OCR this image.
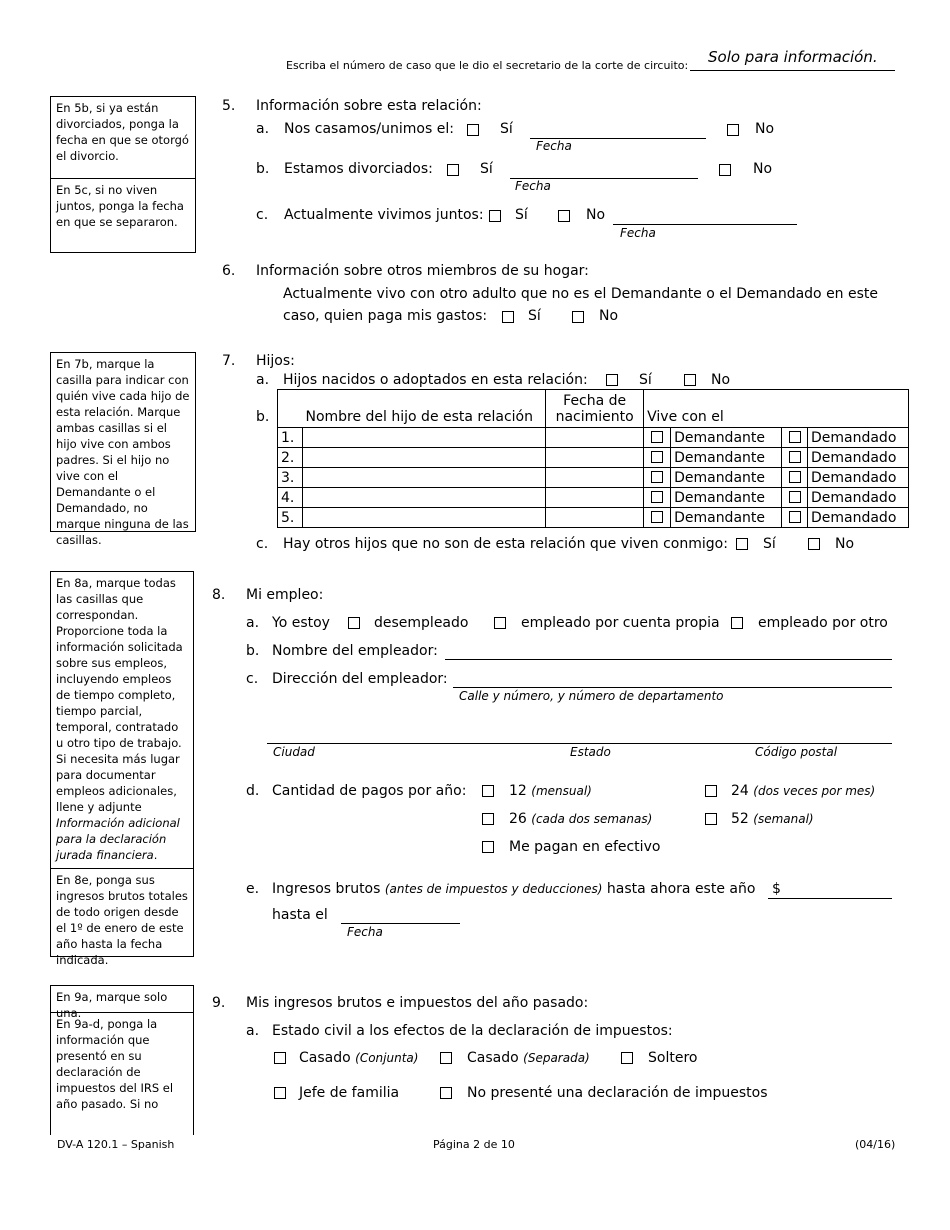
Escriba el número de caso que le dio el secretario de la corte de circuito: Solo para información.
En 5b, si ya están divorciados, ponga la fecha en que se otorgó el divorcio.
En 5c, si no viven juntos, ponga la fecha en que se separaron.
En 7b, marque la casilla para indicar con quién vive cada hijo de esta relación. Marque ambas casillas si el hijo vive con ambos padres. Si el hijo no vive con el Demandante o el Demandado, no marque ninguna de las casillas.
En 8a, marque todas las casillas que correspondan. Proporcione toda la información solicitada sobre sus empleos, incluyendo empleos de tiempo completo, tiempo parcial, temporal, contratado u otro tipo de trabajo. Si necesita más lugar para documentar empleos adicionales, llene y adjunte Información adicional para la declaración jurada financiera.
En 8e, ponga sus ingresos brutos totales de todo origen desde el 1º de enero de este año hasta la fecha indicada.
En 9a, marque solo una.
En 9a-d, ponga la información que presentó en su declaración de impuestos del IRS el año pasado. Si no
5. Información sobre esta relación:
a. Nos casamos/unimos el:	Sí
Fecha
No
b. Estamos divorciados:	Sí
Fecha
No
c. Actualmente vivimos juntos: Sí	No
Fecha
6. Información sobre otros miembros de su hogar:
Actualmente vivo con otro adulto que no es el Demandante o el Demandado en este
caso, quien paga mis gastos:	Sí	No
7. Hijos:
a. Hijos nacidos o adoptados en esta relación:	Sí	No
b.
		Nombre del hijo de esta relación	Fecha de nacimiento	Vive con el			
1.				Demandante		Demandado
2.				Demandante		Demandado
3.				Demandante		Demandado
4.				Demandante		Demandado
5.				Demandante		Demandado
c. Hay otros hijos que no son de esta relación que viven conmigo:	Sí	No
8. Mi empleo:
a. Yo estoy	desempleado	empleado por cuenta propia	empleado por otro
b. Nombre del empleador:
c. Dirección del empleador:
Calle y número, y número de departamento
Ciudad	Estado	Código postal
d. Cantidad de pagos por año:	12 (mensual)	24 (dos veces por mes)
26 (cada dos semanas)	52 (semanal)
Me pagan en efectivo
e. Ingresos brutos (antes de impuestos y deducciones) hasta ahora este año $
hasta el
Fecha
9. Mis ingresos brutos e impuestos del año pasado:
a. Estado civil a los efectos de la declaración de impuestos:
Casado (Conjunta)	Casado (Separada)	Soltero
Jefe de familia	No presenté una declaración de impuestos
DV-A 120.1 – Spanish	Página 2 de 10	(04/16)
